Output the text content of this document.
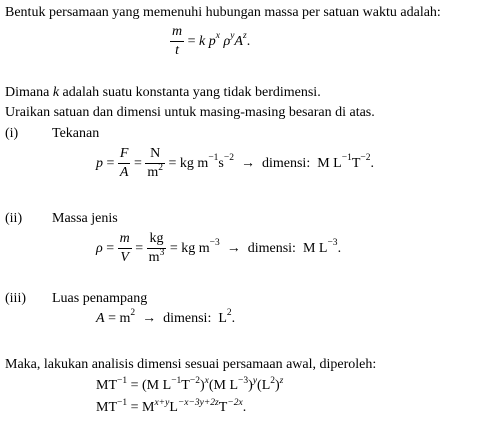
Bentuk persamaan yang memenuhi hubungan massa per satuan waktu adalah:
$\frac{m}{t} = k$
$p^x$
$\rho^y$ $A^z$ .
Dimana k adalah suatu konstanta yang tidak berdimensi.
Uraikan satuan dan dimensi untuk masing-masing besaran di atas.
(i) Tekanan
$p = \frac{F}{A} = \frac{N}{m^2}$ = kg $m^{-1}$ $s^{-2}$
→
dimensi:
M $L^{-1}$ $T^{-2}$ .
(ii) Massa jenis
$\rho = \frac{m}{V} = \frac{kg}{m^3}$ = kg $m^{-3}$
→
dimensi:
M $L^{-3}$ .
(iii) Luas penampang
$A = m^2$
→
dimensi:
$L^2$ .
Maka, lakukan analisis dimensi sesuai persamaan awal, diperoleh:
$MT^{-1} = (M$ $L^{-1}T^{-2})^x(M$ $L^{-3})^y(L^2)^z$
$MT^{-1} = M^{x+y}L^{-x-3y+2z}T^{-2x}$.
